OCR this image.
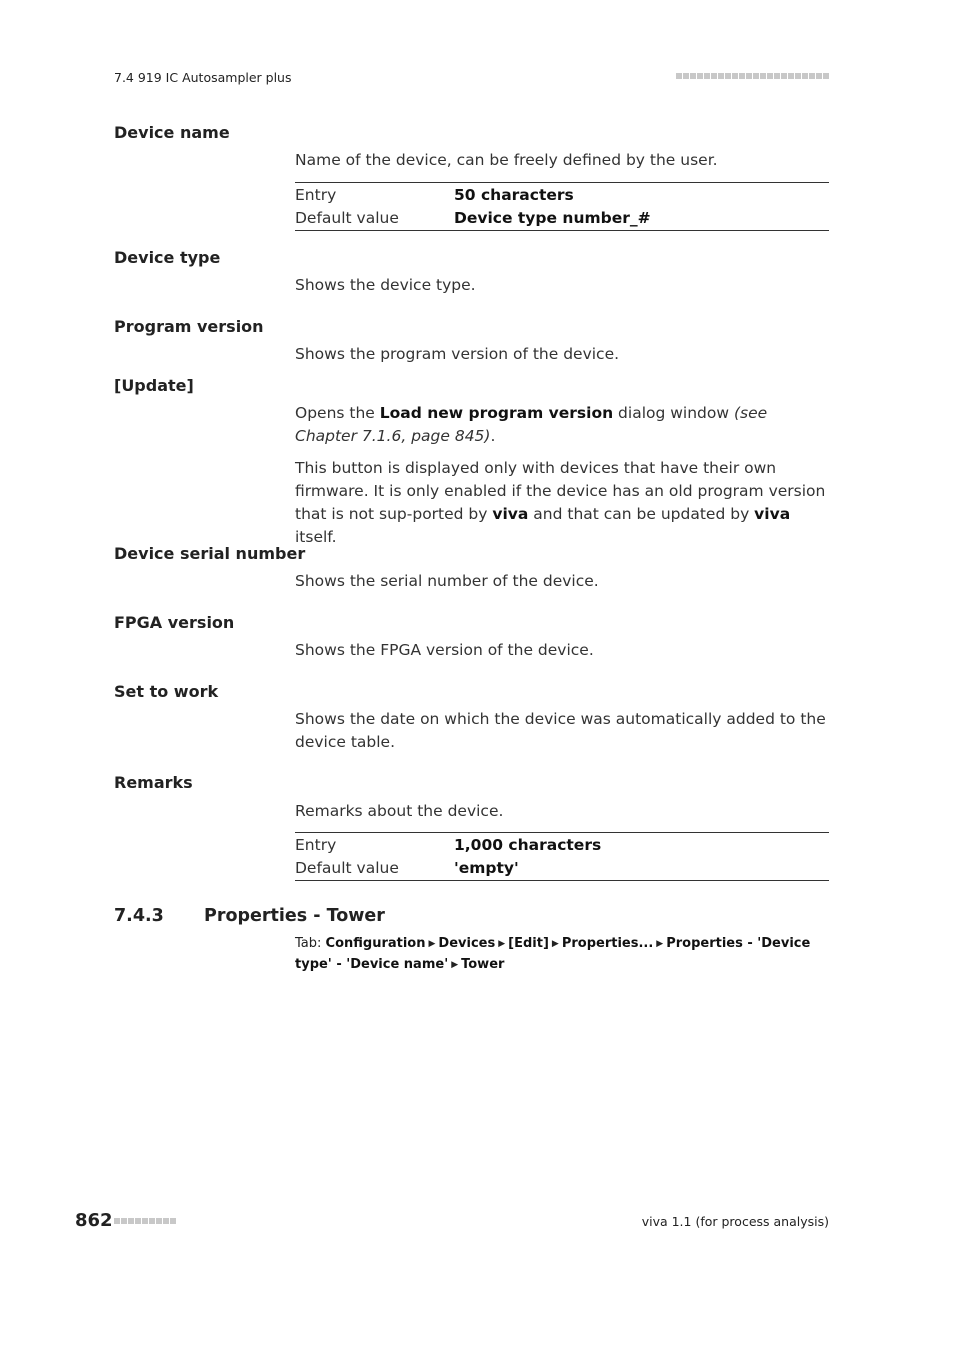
7.4 919 IC Autosampler plus
Device name

Name of the device, can be freely defined by the user.

Entry	50 characters
Default value	Device type number_#
Device type

Shows the device type.

Program version

Shows the program version of the device.

[Update]

Opens the Load new program version dialog window (see Chapter 7.1.6, page 845).

This button is displayed only with devices that have their own firmware. It is only enabled if the device has an old program version that is not sup-ported by viva and that can be updated by viva itself.

Device serial number

Shows the serial number of the device.

FPGA version

Shows the FPGA version of the device.

Set to work

Shows the date on which the device was automatically added to the device table.

Remarks

Remarks about the device.

Entry	1,000 characters
Default value	'empty'
7.4.3 Properties - Tower
Tab: Configuration ▶ Devices ▶ [Edit] ▶ Properties... ▶ Properties - 'Device type' - 'Device name' ▶ Tower
862	viva 1.1 (for process analysis)
